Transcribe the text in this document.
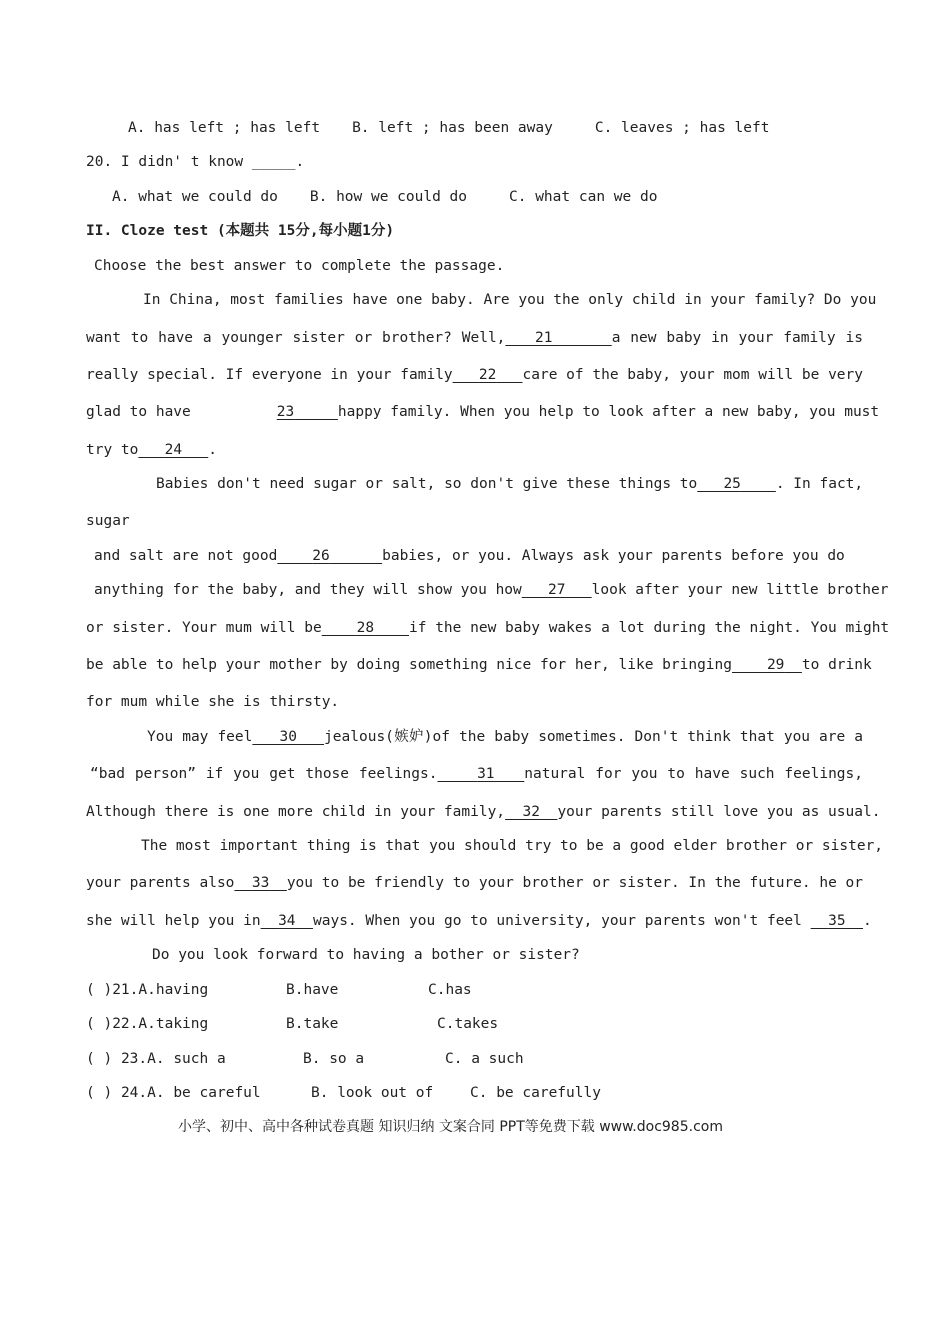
A. has left ; has left B. left ; has been away	C. leaves ; has left
20. I didn' t know _____.
A. what we could do B. how we could do	C. what can we do
II. Cloze test (本题共 15分,每小题1分)
Choose the best answer to complete the passage.
In China, most families have one baby. Are you the only child in your family? Do you
want to have a younger sister or brother? Well, 21	a new baby in your family is
really special. If everyone in your family 22 care of the baby, your mom will be very
glad to have	23	happy family. When you help to look after a new baby, you must
try to 24 .
Babies don't need sugar or salt, so don't give these things to 25 . In fact,
sugar
and salt are not good 26	babies, or you. Always ask your parents before you do
anything for the baby, and they will show you how 27 look after your new little brother
or sister. Your mum will be 28 if the new baby wakes a lot during the night. You might
be able to help your mother by doing something nice for her, like bringing 29 to drink
for mum while she is thirsty.
You may feel 30 jealous(嫉妒)of the baby sometimes. Don't think that you are a
“bad person” if you get those feelings.	31 natural for you to have such feelings,
Although there is one more child in your family, 32 your parents still love you as usual.
The most important thing is that you should try to be a good elder brother or sister,
your parents also 33 you to be friendly to your brother or sister. In the future. he or
she will help you in 34 ways. When you go to university, your parents won't feel 35 .
Do you look forward to having a bother or sister?
( )21.A.having	B.have	C.has
( )22.A.taking	B.take	C.takes
( ) 23.A. such a	B. so a	C. a such
( ) 24.A. be careful	B. look out of	C. be carefully
小学、初中、高中各种试卷真题 知识归纳 文案合同 PPT等免费下载 www.doc985.com
